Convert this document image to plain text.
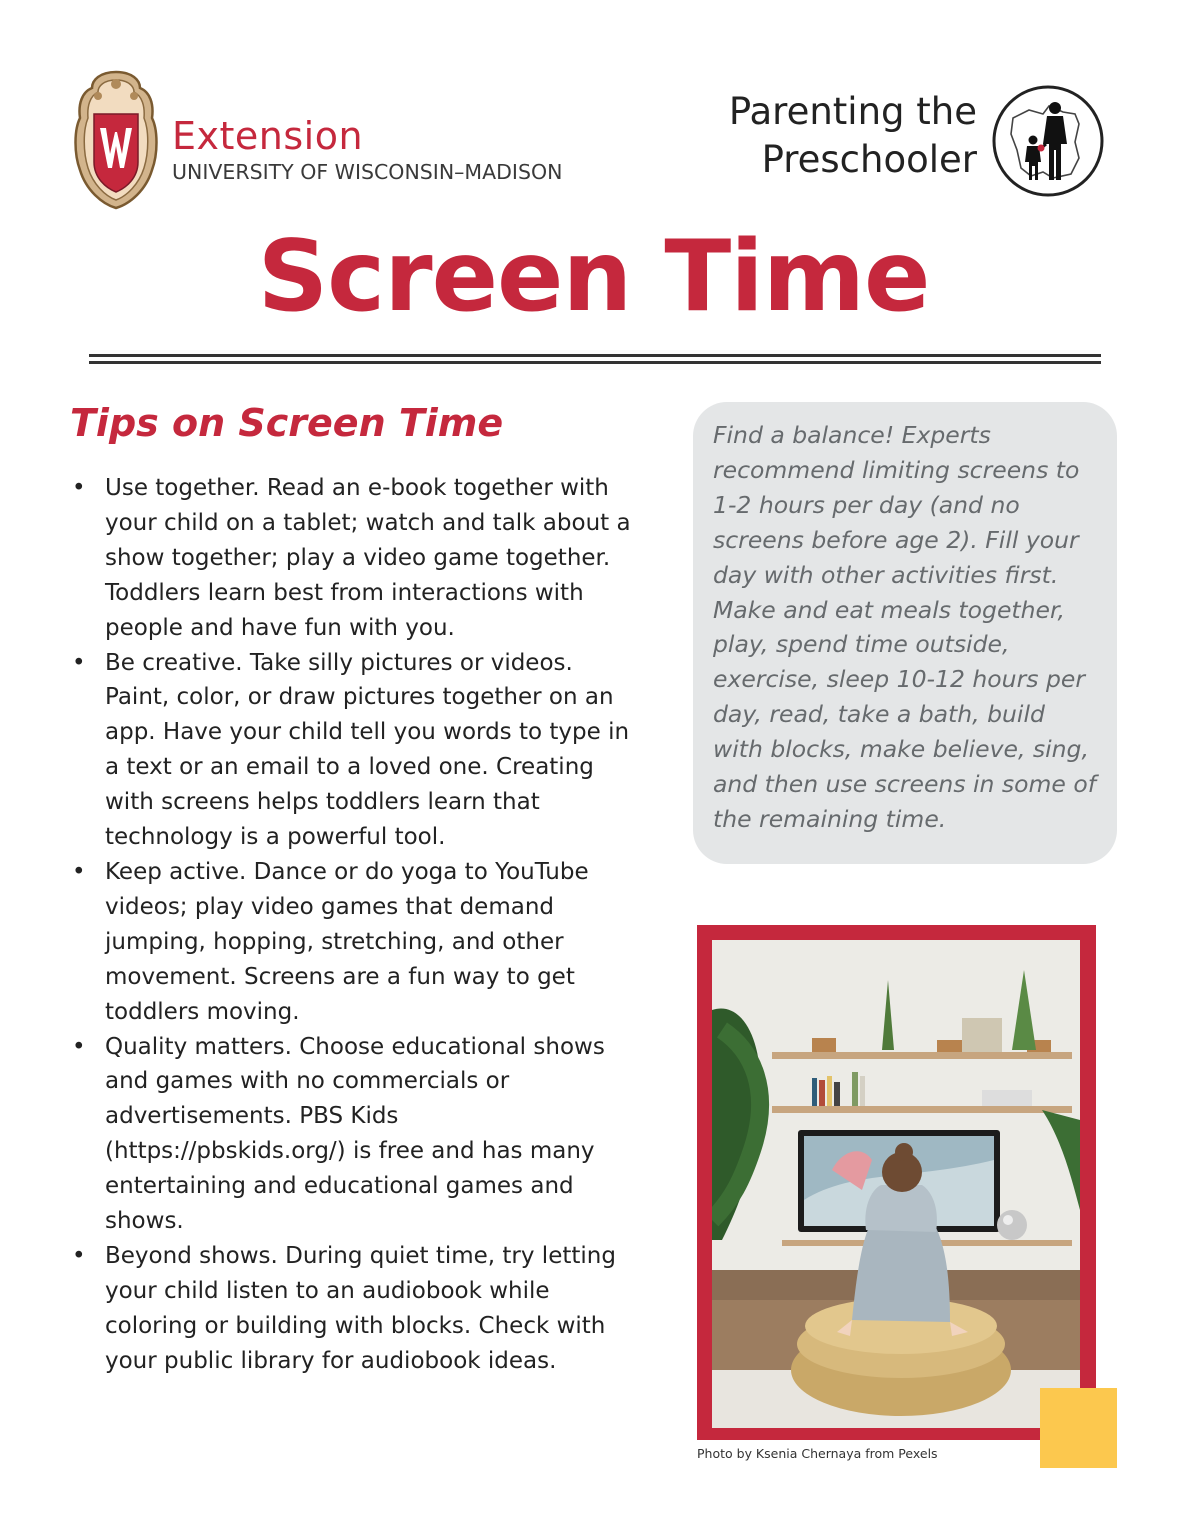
Extension
UNIVERSITY OF WISCONSIN–MADISON
Parenting the
Preschooler
Screen Time
Tips on Screen Time
• Use together. Read an e-book together with your child on a tablet; watch and talk about a show together; play a video game together. Toddlers learn best from interactions with people and have fun with you.
• Be creative. Take silly pictures or videos. Paint, color, or draw pictures together on an app. Have your child tell you words to type in a text or an email to a loved one. Creating with screens helps toddlers learn that technology is a powerful tool.
• Keep active. Dance or do yoga to YouTube videos; play video games that demand jumping, hopping, stretching, and other movement. Screens are a fun way to get toddlers moving.
• Quality matters. Choose educational shows and games with no commercials or advertisements. PBS Kids (https://pbskids.org/) is free and has many entertaining and educational games and shows.
• Beyond shows. During quiet time, try letting your child listen to an audiobook while coloring or building with blocks. Check with your public library for audiobook ideas.
Find a balance! Experts recommend limiting screens to 1-2 hours per day (and no screens before age 2). Fill your day with other activities first. Make and eat meals together, play, spend time outside, exercise, sleep 10-12 hours per day, read, take a bath, build with blocks, make believe, sing, and then use screens in some of the remaining time.
Photo by Ksenia Chernaya from Pexels
